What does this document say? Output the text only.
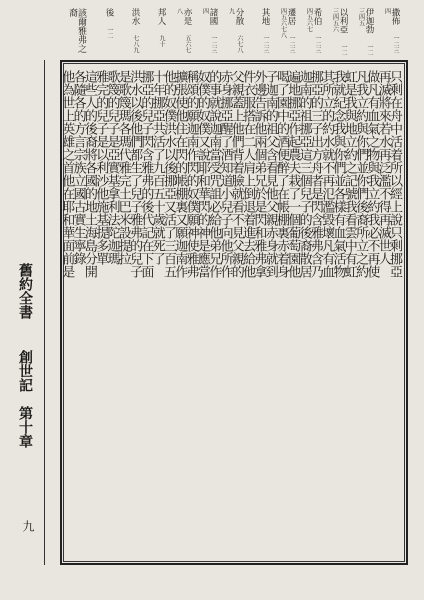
舊約全書
創世記　第十章
九
撒佈 一二三四
伊迦勃 一二三四五
以利亞 一二三四五六
希伯 一二三四五六七
遷居 一二三四五六七八
其地 一二三
分散 六七八九
諸國 一二三四
亦是 五六七八
邦人 九十
洪水 七八九
後 一二
該爾雅弗之裔
只剩在舟中活着所以經上說只剩挪亞
再滅將來若水再泛濫不得再滅世人
做凡有血氣之物與我立約我必不再使
凡我立約與你們並你們後裔所立之約
虹是我與地立約之記號我看雲中有虹
我就紀念我與你們並各樣有血氣活物
其所立的約水就不再氾濫毀壞凡有血
挪亞的三子出方舟者是閃含雅弗含乃
迦南的祖挪亞這三個兒子的後裔散居
遍地挪亞作起農夫栽了一個葡萄園他
喝了園中的酒便醉了在帳棚裏赤着身
子迦南的祖父含看見他父親赤身就到
外邊告訴他兩個弟兄於是閃和雅弗拿
件衣服搭在二人肩上倒退着進去給他
父親蓋上他們背着臉就看不見父親的
赤身挪亞醒了酒知道小兒子向他所作
的事就說迦南當受咒詛必給他弟兄作
奴僕的奴僕又說耶和華閃的神是應當
稱頌的願迦南作閃的奴僕願神使雅弗
擴張使他住在閃的帳棚裏又願迦南作
他的奴僕洪水以後挪亞又活了三百五
十年挪亞共活了九百五十歲就死了
挪亞的兒子閃含雅弗的後代記在下面
洪水以後他們都生了兒子雅弗的兒子
是歌篾瑪各瑪代雅完土巴米設提拉
歌篾的兒子是亞實基拿利法陀迦瑪
雅完的兒子是以利沙他施基提多單
這些人的後裔將各國的地土海島分開
各隨各的方言宗族立國古實生寧錄
他為世上英雄之首他在耶和華面前是
